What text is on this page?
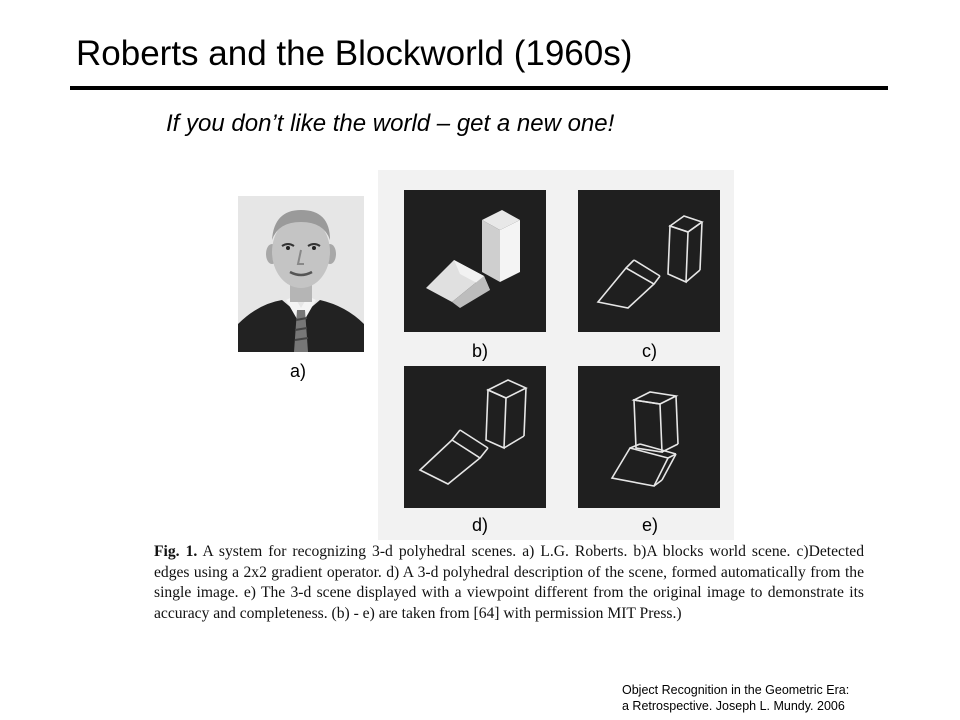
Roberts and the Blockworld (1960s)
If you don’t like the world – get a new one!
a)
b)	c)
d)	e)
Fig. 1. A system for recognizing 3-d polyhedral scenes. a) L.G. Roberts. b)A blocks world scene. c)Detected edges using a 2x2 gradient operator. d) A 3-d polyhedral description of the scene, formed automatically from the single image. e) The 3-d scene displayed with a viewpoint different from the original image to demonstrate its accuracy and completeness. (b) - e) are taken from [64] with permission MIT Press.)
Object Recognition in the Geometric Era:
a Retrospective. Joseph L. Mundy. 2006
